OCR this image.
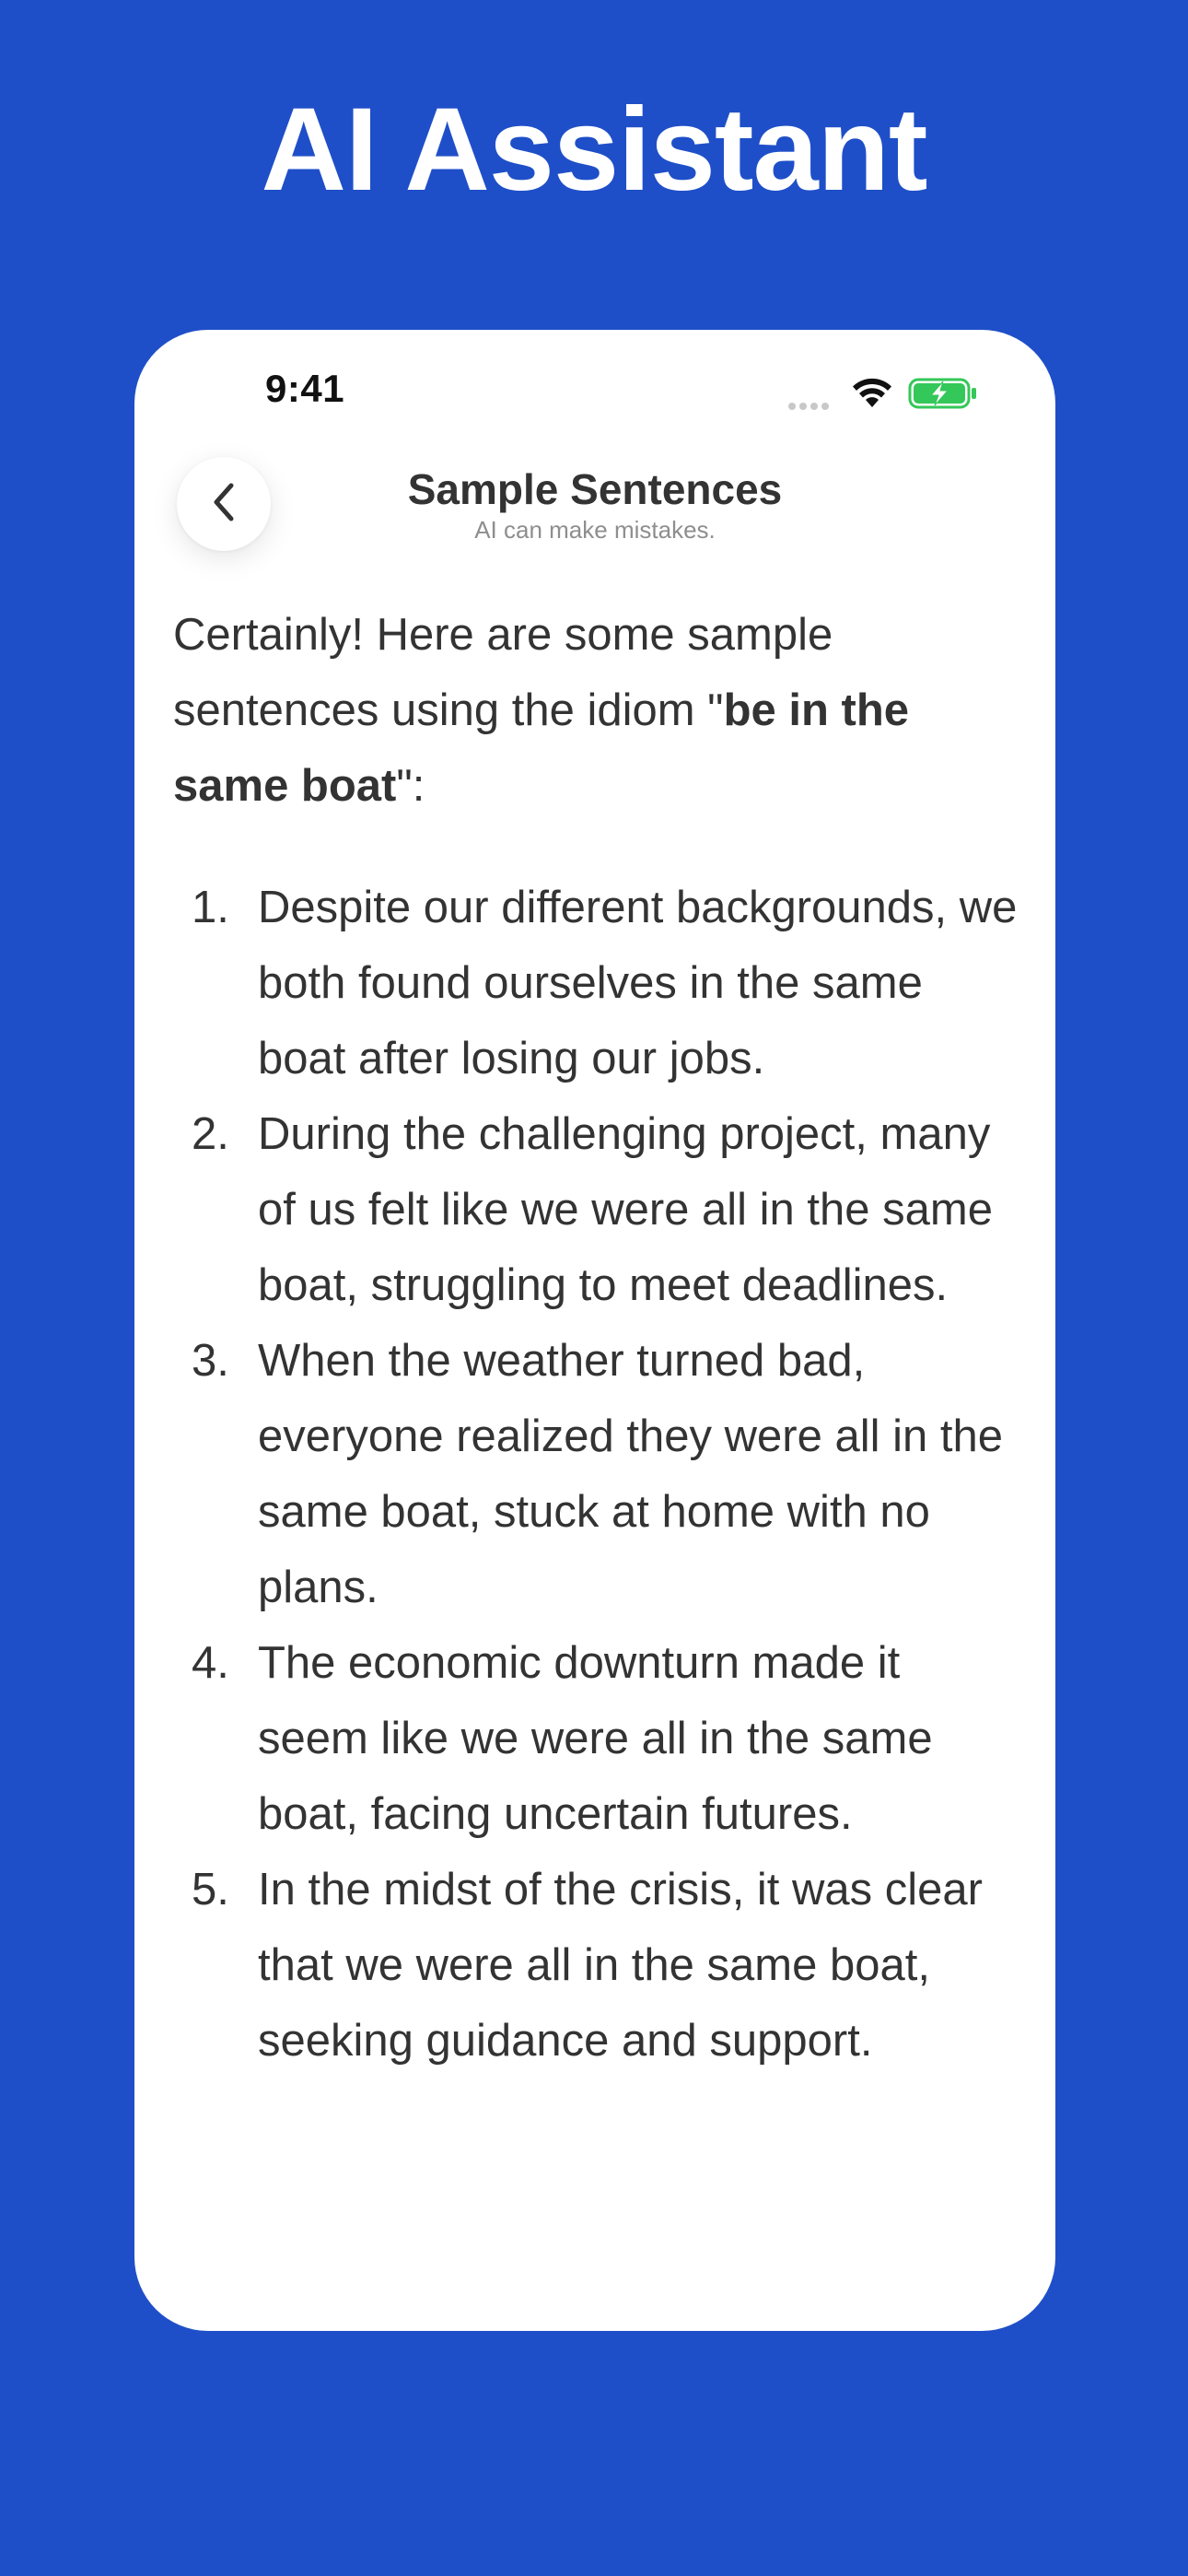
AI Assistant
9:41
Sample Sentences
AI can make mistakes.

Certainly! Here are some sample sentences using the idiom "be in the same boat":

1. Despite our different backgrounds, we both found ourselves in the same boat after losing our jobs.
2. During the challenging project, many of us felt like we were all in the same boat, struggling to meet deadlines.
3. When the weather turned bad, everyone realized they were all in the same boat, stuck at home with no plans.
4. The economic downturn made it seem like we were all in the same boat, facing uncertain futures.
5. In the midst of the crisis, it was clear that we were all in the same boat, seeking guidance and support.
